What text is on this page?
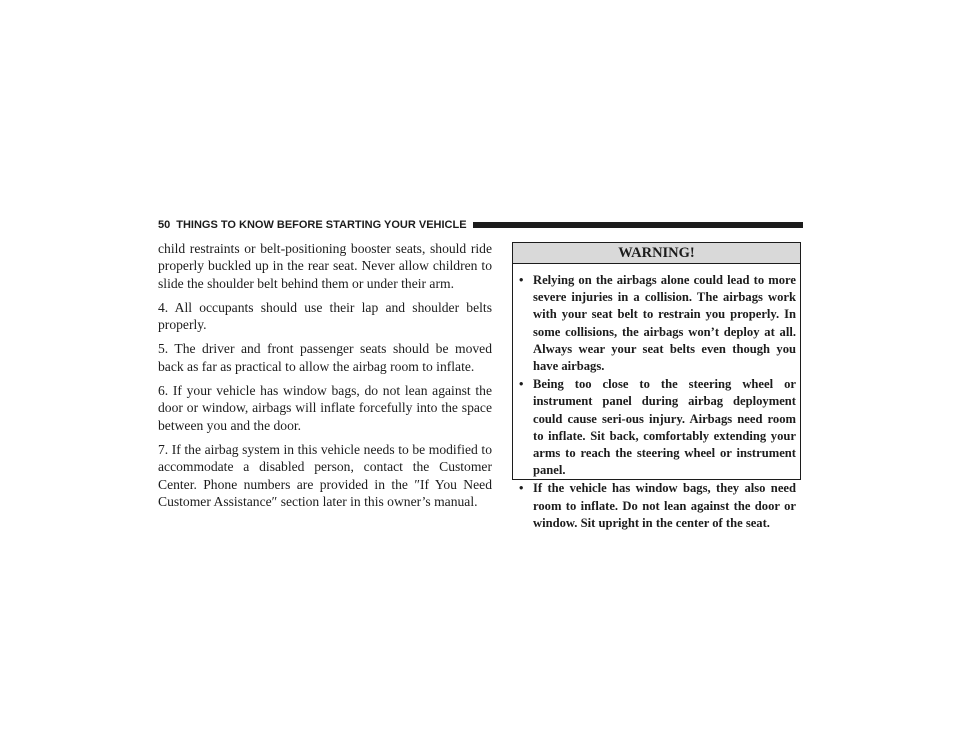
50 THINGS TO KNOW BEFORE STARTING YOUR VEHICLE

child restraints or belt-positioning booster seats, should ride properly buckled up in the rear seat. Never allow children to slide the shoulder belt behind them or under their arm.

4. All occupants should use their lap and shoulder belts properly.

5. The driver and front passenger seats should be moved back as far as practical to allow the airbag room to inflate.

6. If your vehicle has window bags, do not lean against the door or window, airbags will inflate forcefully into the space between you and the door.

7. If the airbag system in this vehicle needs to be modified to accommodate a disabled person, contact the Customer Center. Phone numbers are provided in the ″If You Need Customer Assistance″ section later in this owner’s manual.

WARNING!
• Relying on the airbags alone could lead to more severe injuries in a collision. The airbags work with your seat belt to restrain you properly. In some collisions, the airbags won’t deploy at all. Always wear your seat belts even though you have airbags.
• Being too close to the steering wheel or instrument panel during airbag deployment could cause seri-ous injury. Airbags need room to inflate. Sit back, comfortably extending your arms to reach the steering wheel or instrument panel.
• If the vehicle has window bags, they also need room to inflate. Do not lean against the door or window. Sit upright in the center of the seat.
